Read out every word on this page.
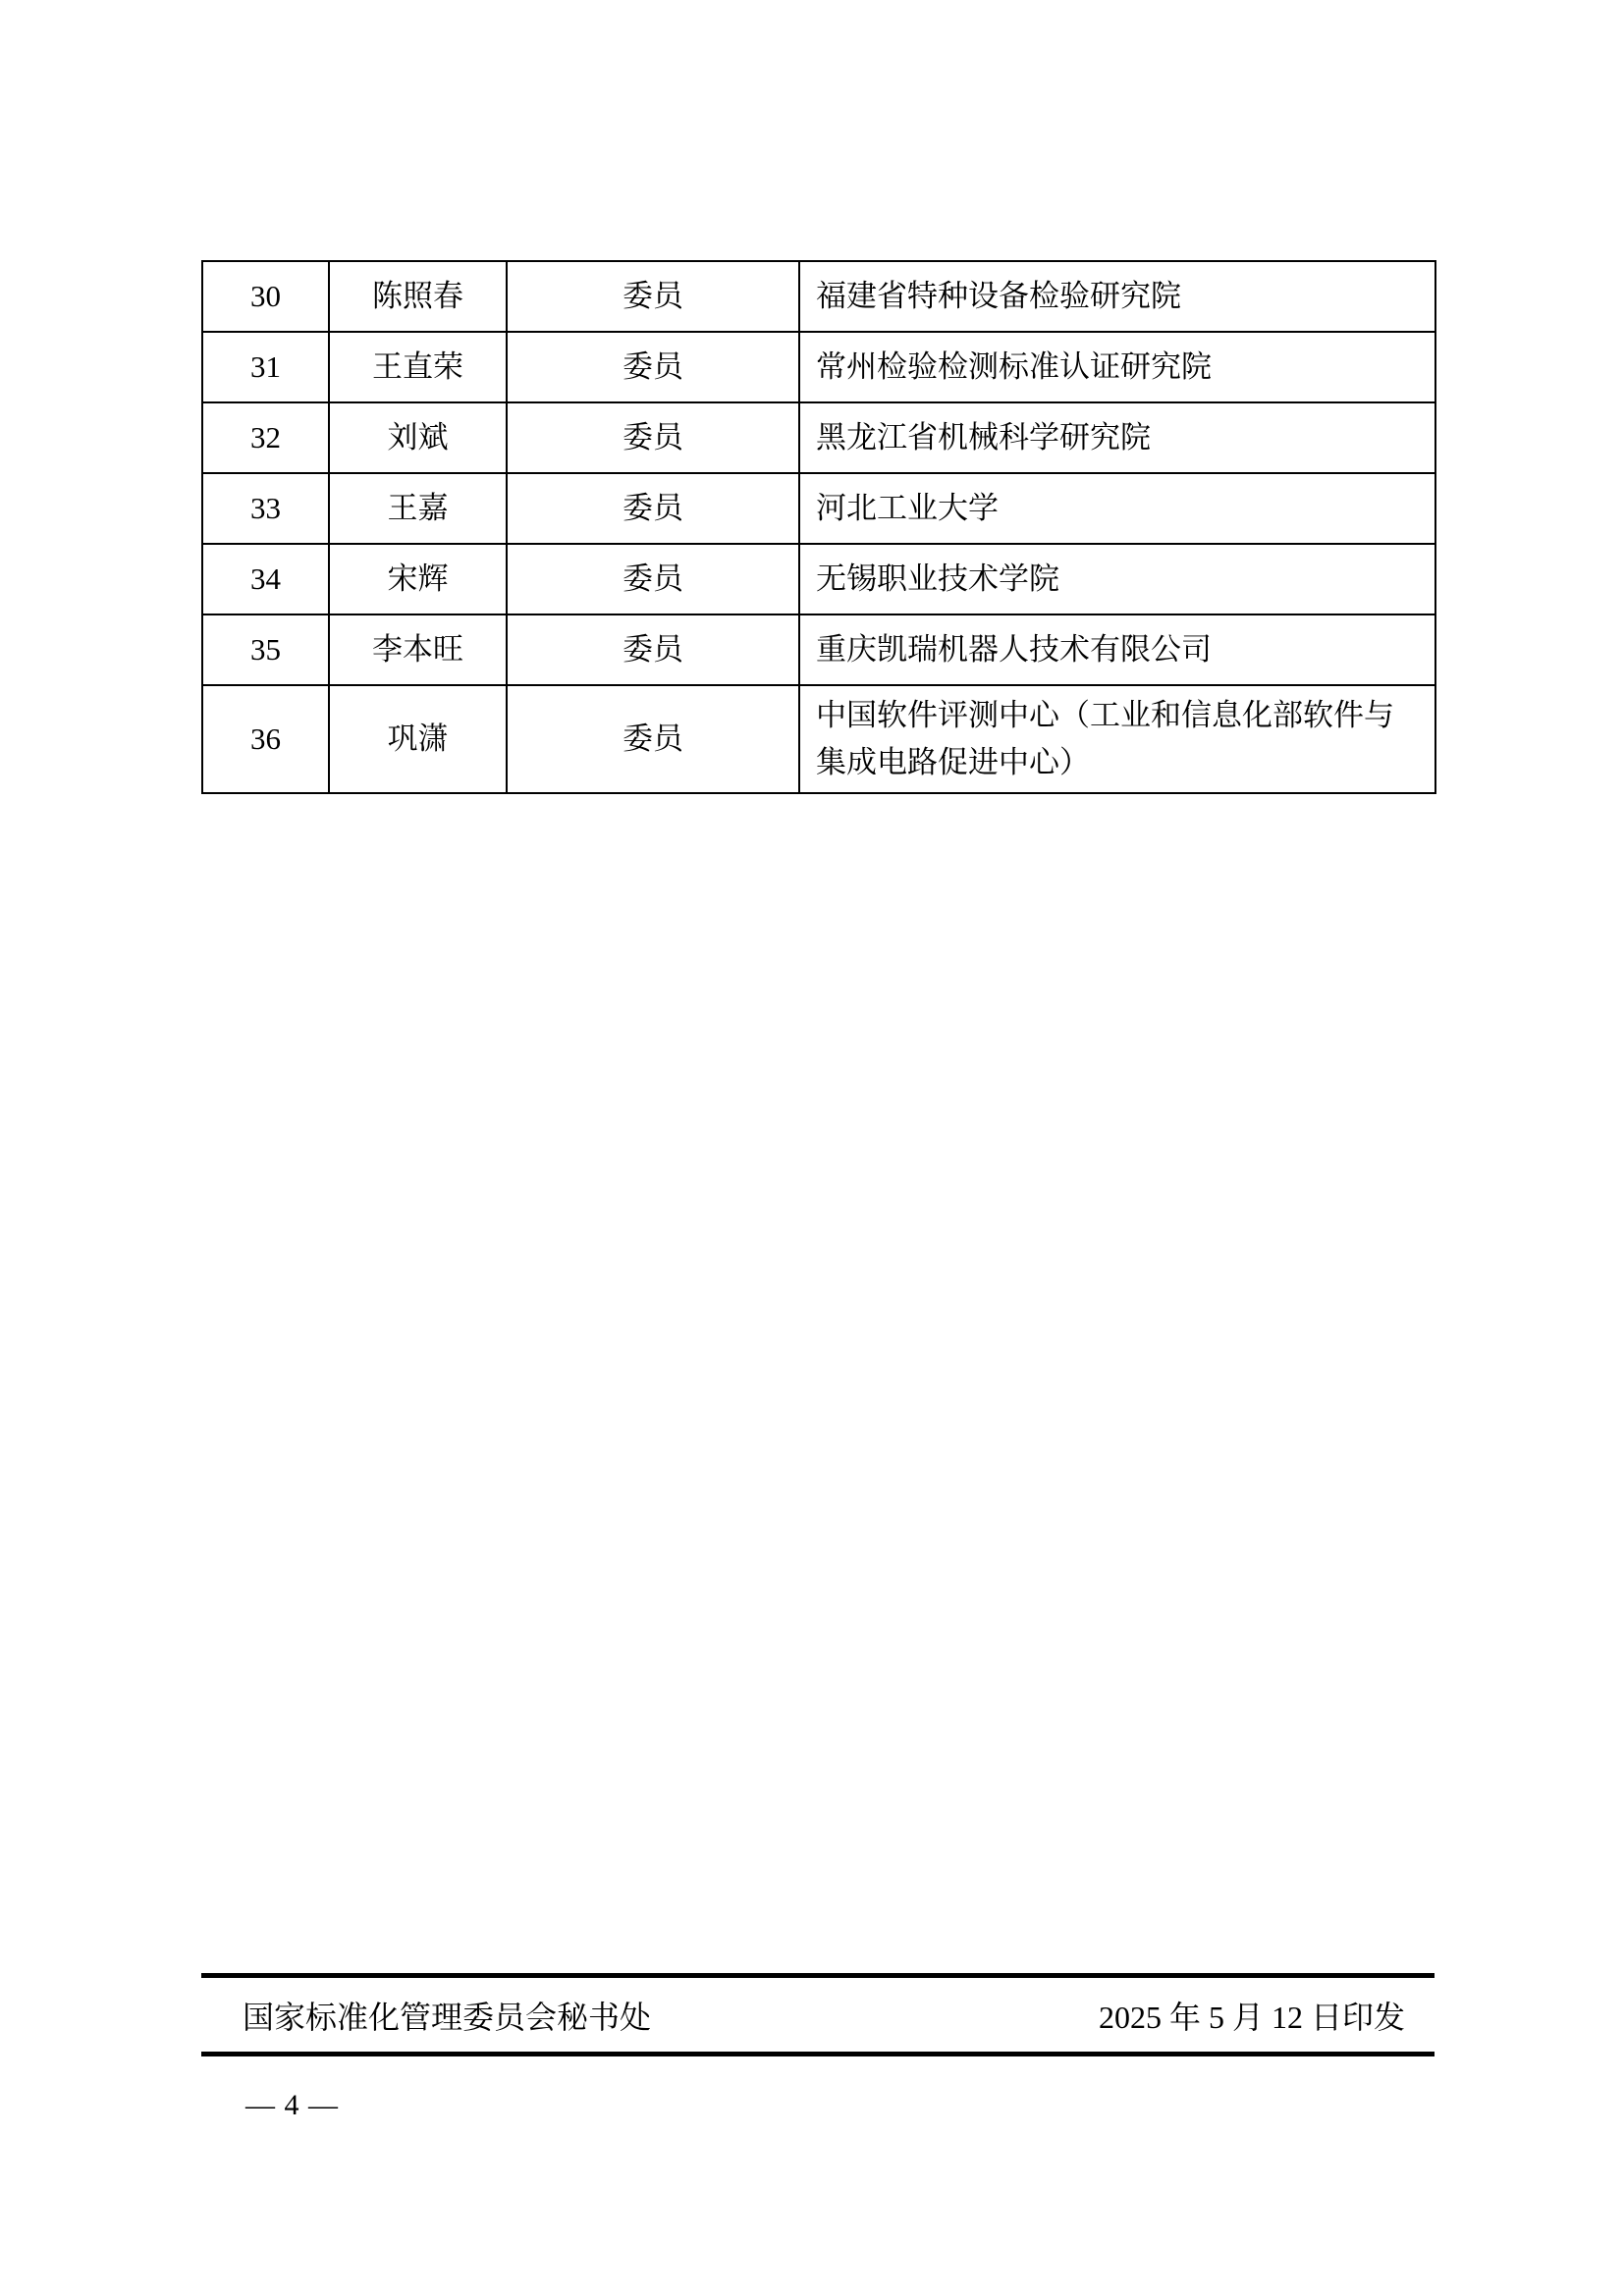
30	陈照春	委员	福建省特种设备检验研究院
31	王直荣	委员	常州检验检测标准认证研究院
32	刘斌	委员	黑龙江省机械科学研究院
33	王嘉	委员	河北工业大学
34	宋辉	委员	无锡职业技术学院
35	李本旺	委员	重庆凯瑞机器人技术有限公司
36	巩潇	委员	中国软件评测中心（工业和信息化部软件与集成电路促进中心）
国家标准化管理委员会秘书处	2025 年 5 月 12 日印发
— 4 —
